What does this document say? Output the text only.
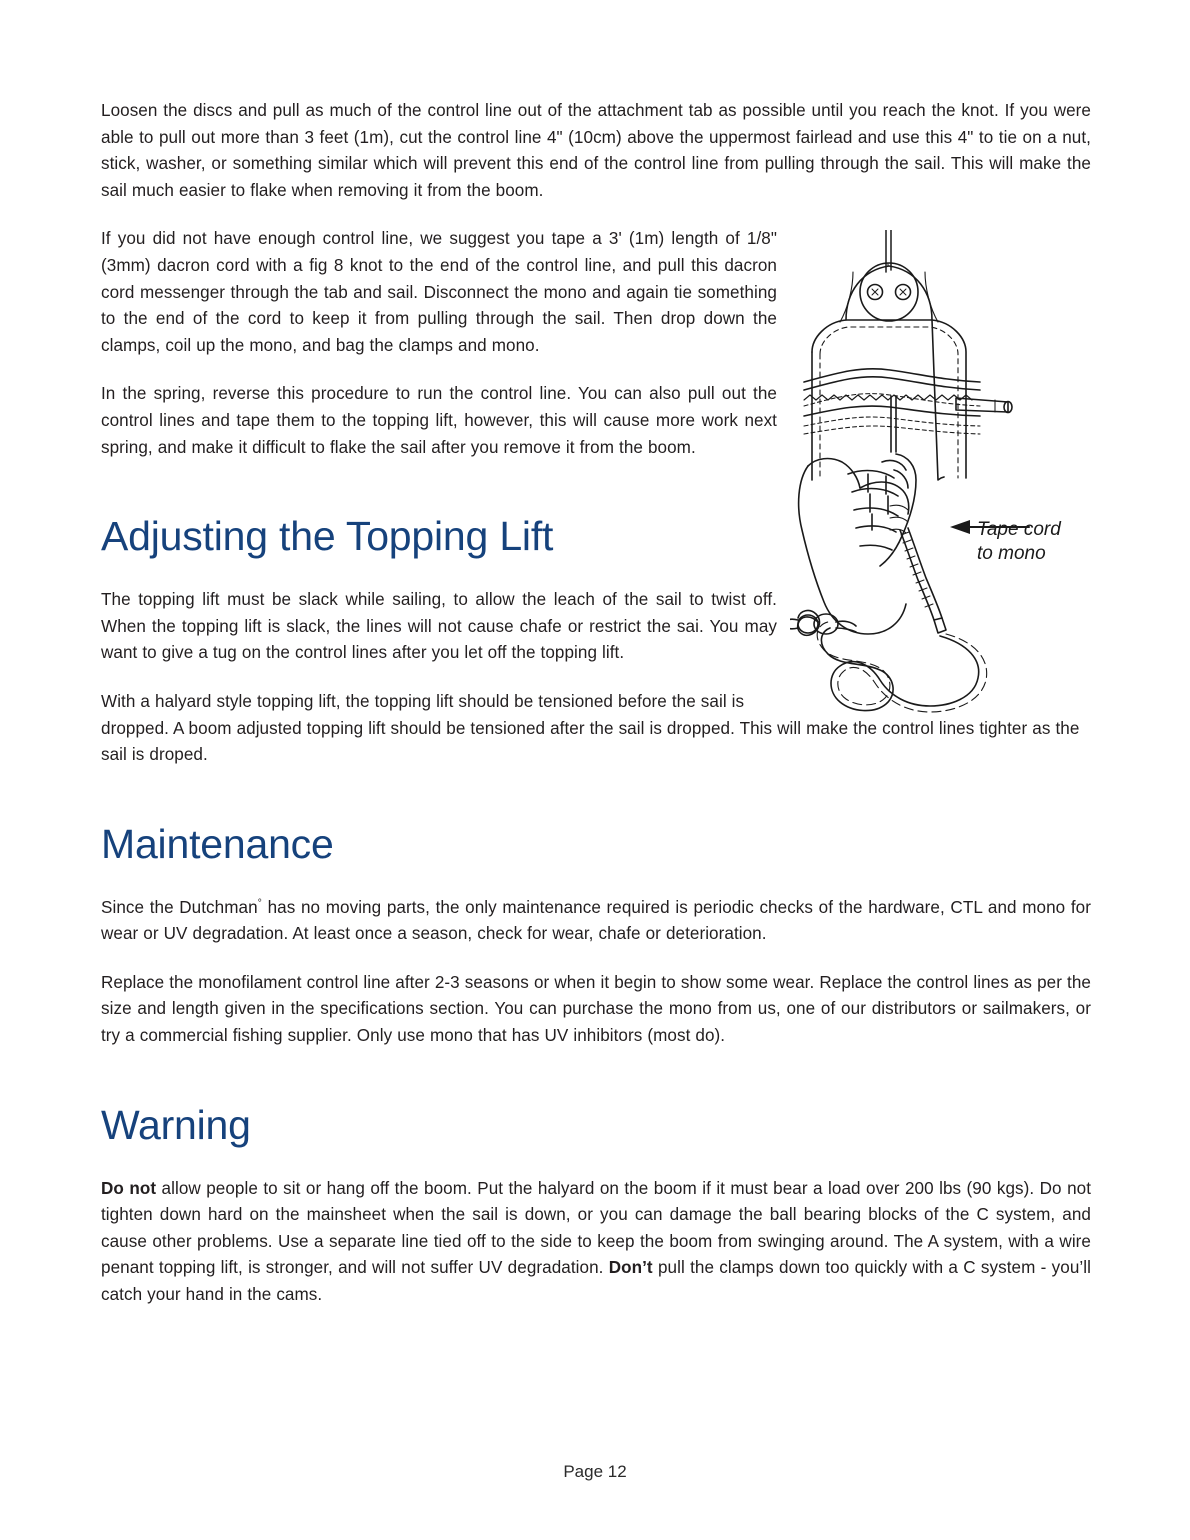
Tape cord
to mono

Loosen the discs and pull as much of the control line out of the attachment tab as possible until you reach the knot. If you were able to pull out more than 3 feet (1m), cut the control line 4" (10cm) above the uppermost fairlead and use this 4" to tie on a nut, stick, washer, or something similar which will prevent this end of the control line from pulling through the sail. This will make the sail much easier to flake when removing it from the boom.

If you did not have enough control line, we suggest you tape a 3' (1m) length of 1/8" (3mm) dacron cord with a fig 8 knot to the end of the control line, and pull this dacron cord messenger through the tab and sail. Disconnect the mono and again tie something to the end of the cord to keep it from pulling through the sail. Then drop down the clamps, coil up the mono, and bag the clamps and mono.

In the spring, reverse this procedure to run the control line. You can also pull out the control lines and tape them to the topping lift, however, this will cause more work next spring, and make it difficult to flake the sail after you remove it from the boom.

Adjusting the Topping Lift

The topping lift must be slack while sailing, to allow the leach of the sail to twist off. When the topping lift is slack, the lines will not cause chafe or restrict the sai. You may want to give a tug on the control lines after you let off the topping lift.

With a halyard style topping lift, the topping lift should be tensioned before the sail is
dropped. A boom adjusted topping lift should be tensioned after the sail is dropped. This will make the control lines tighter as the sail is droped.

Maintenance

Since the Dutchman° has no moving parts, the only maintenance required is periodic checks of the hardware, CTL and mono for wear or UV degradation. At least once a season, check for wear, chafe or deterioration.

Replace the monofilament control line after 2-3 seasons or when it begin to show some wear. Replace the control lines as per the size and length given in the specifications section. You can purchase the mono from us, one of our distributors or sailmakers, or try a commercial fishing supplier. Only use mono that has UV inhibitors (most do).

Warning

Do not allow people to sit or hang off the boom. Put the halyard on the boom if it must bear a load over 200 lbs (90 kgs). Do not tighten down hard on the mainsheet when the sail is down, or you can damage the ball bearing blocks of the C system, and cause other problems. Use a separate line tied off to the side to keep the boom from swinging around. The A system, with a wire penant topping lift, is stronger, and will not suffer UV degradation. Don’t pull the clamps down too quickly with a C system - you’ll catch your hand in the cams.

Page 12
